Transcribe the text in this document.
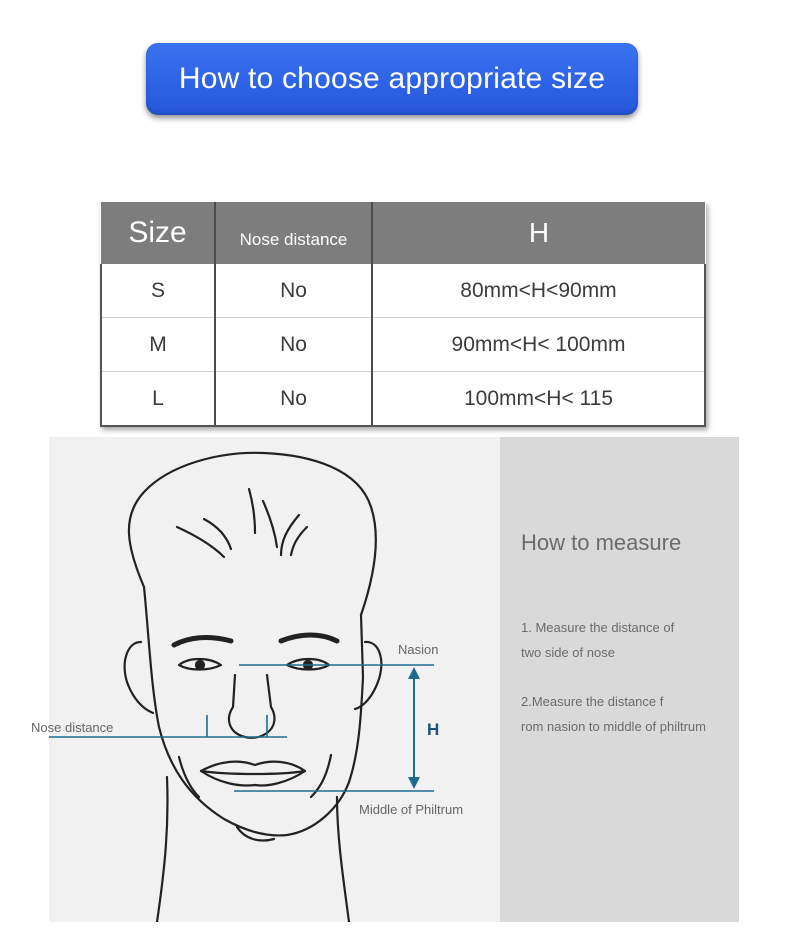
How to choose appropriate size
Size	Nose distance	H
S	No	80mm<H<90mm
M	No	90mm<H< 100mm
L	No	100mm<H< 115
Nasion
Nose distance	H
Middle of Philtrum
How to measure

1. Measure the distance of
two side of nose

2.Measure the distance f
rom nasion to middle of philtrum
